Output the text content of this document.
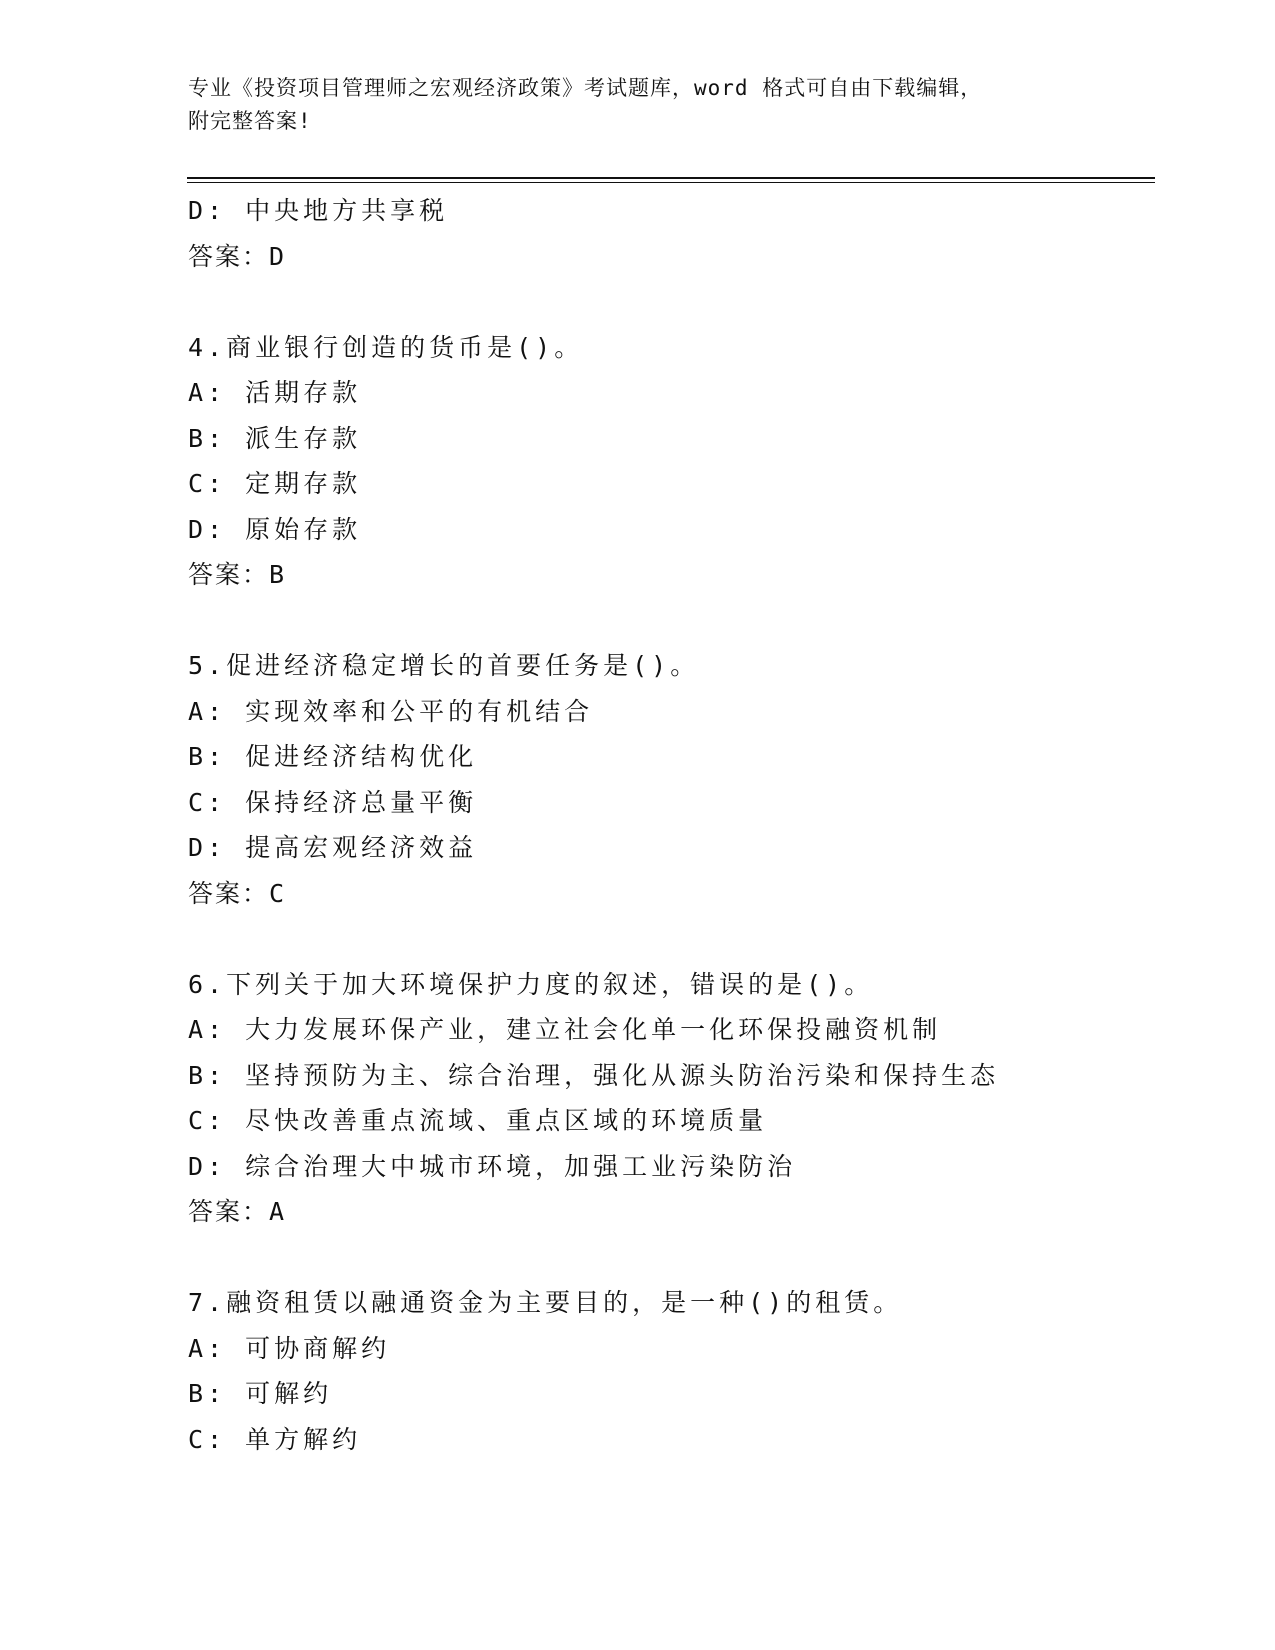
专业《投资项目管理师之宏观经济政策》考试题库，word 格式可自由下载编辑，
附完整答案!
D: 中央地方共享税
答案：D
4.商业银行创造的货币是()。
A: 活期存款
B: 派生存款
C: 定期存款
D: 原始存款
答案：B
5.促进经济稳定增长的首要任务是()。
A: 实现效率和公平的有机结合
B: 促进经济结构优化
C: 保持经济总量平衡
D: 提高宏观经济效益
答案：C
6.下列关于加大环境保护力度的叙述，错误的是()。
A: 大力发展环保产业，建立社会化单一化环保投融资机制
B: 坚持预防为主、综合治理，强化从源头防治污染和保持生态
C: 尽快改善重点流域、重点区域的环境质量
D: 综合治理大中城市环境，加强工业污染防治
答案：A
7.融资租赁以融通资金为主要目的，是一种()的租赁。
A: 可协商解约
B: 可解约
C: 单方解约
